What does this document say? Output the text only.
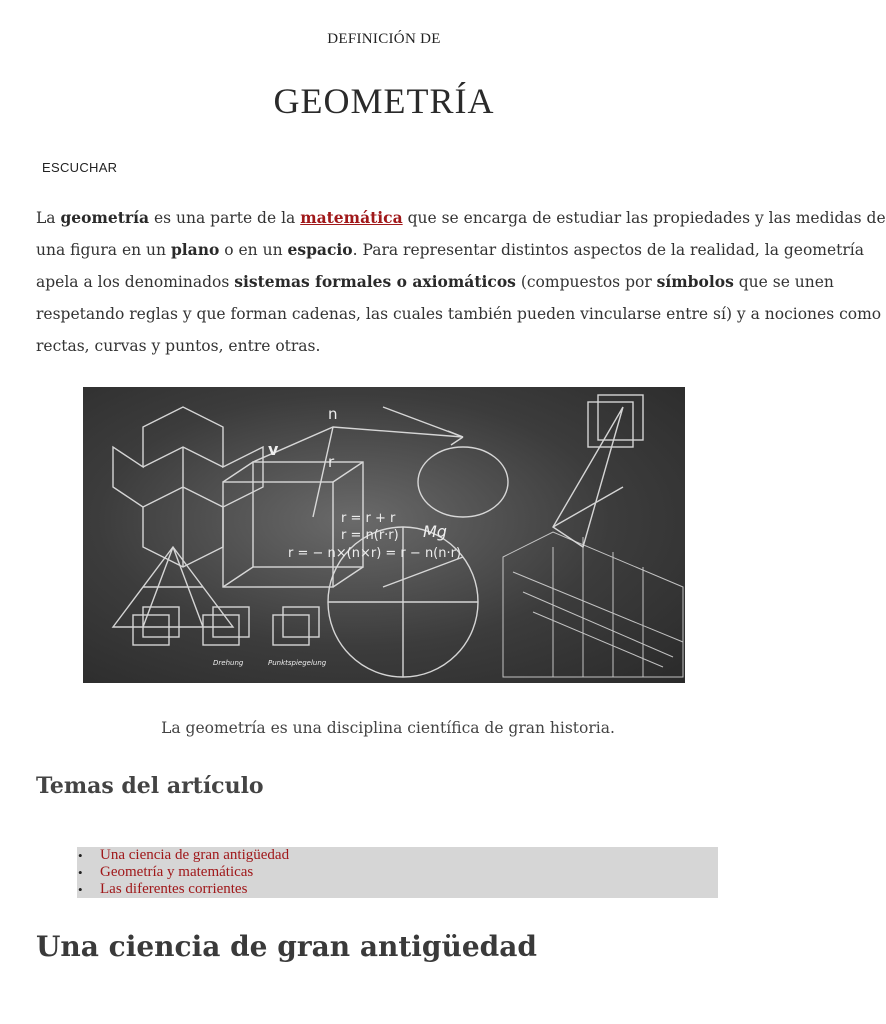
DEFINICIÓN DE
GEOMETRÍA
ESCUCHAR
La geometría es una parte de la matemática que se encarga de estudiar las propiedades y las medidas de
una figura en un plano o en un espacio. Para representar distintos aspectos de la realidad, la geometría
apela a los denominados sistemas formales o axiomáticos (compuestos por símbolos que se unen
respetando reglas y que forman cadenas, las cuales también pueden vincularse entre sí) y a nociones como
rectas, curvas y puntos, entre otras.
r = r + r
r = n(r·r)
r = − n×(n×r) = r − n(n·r)
Mg
v
n
r
Drehung	Punktspiegelung
La geometría es una disciplina científica de gran historia.
Temas del artículo
• Una ciencia de gran antigüedad
• Geometría y matemáticas
• Las diferentes corrientes
Una ciencia de gran antigüedad
